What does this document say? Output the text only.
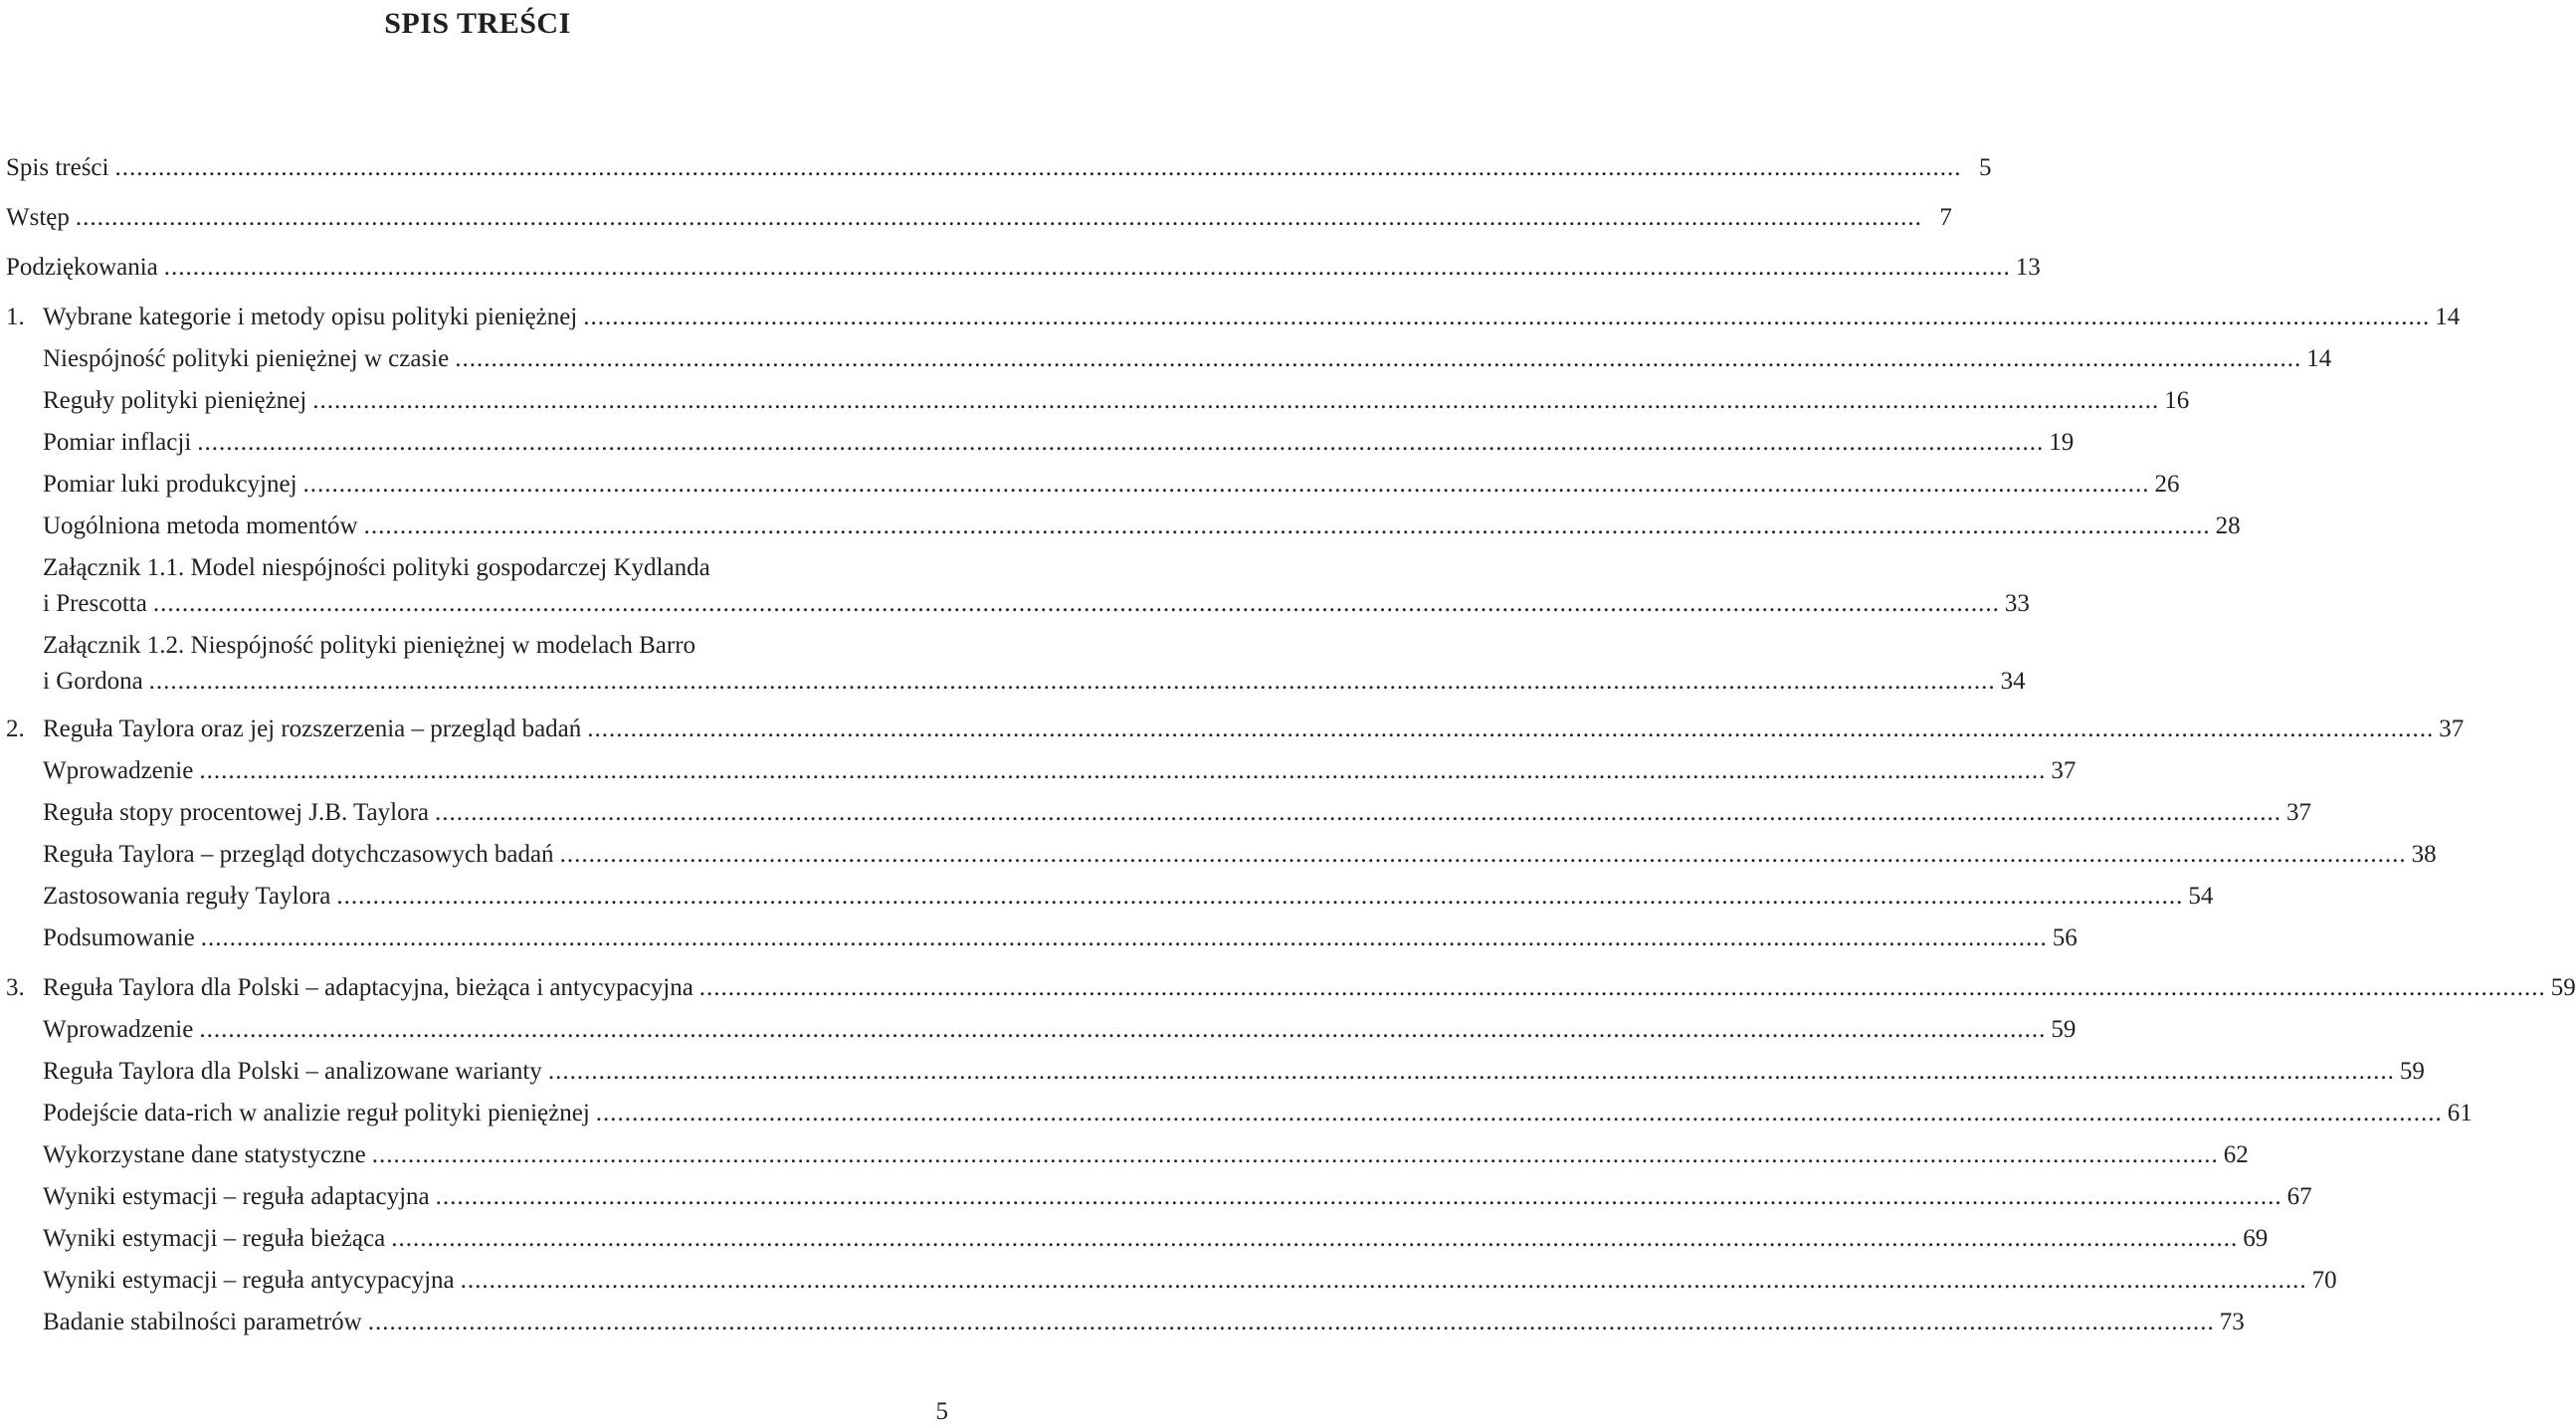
SPIS TREŚCI
Spis treści .....	5
Wstęp .....	7
Podziękowania .....	13
1. Wybrane kategorie i metody opisu polityki pieniężnej .....	14
Niespójność polityki pieniężnej w czasie .....	14
Reguły polityki pieniężnej .....	16
Pomiar inflacji .....	19
Pomiar luki produkcyjnej .....	26
Uogólniona metoda momentów .....	28
Załącznik 1.1. Model niespójności polityki gospodarczej Kydlanda
i Prescotta .....	33
Załącznik 1.2. Niespójność polityki pieniężnej w modelach Barro
i Gordona .....	34
2. Reguła Taylora oraz jej rozszerzenia – przegląd badań .....	37
Wprowadzenie .....	37
Reguła stopy procentowej J.B. Taylora .....	37
Reguła Taylora – przegląd dotychczasowych badań .....	38
Zastosowania reguły Taylora .....	54
Podsumowanie .....	56
3. Reguła Taylora dla Polski – adaptacyjna, bieżąca i antycypacyjna .....	59
Wprowadzenie .....	59
Reguła Taylora dla Polski – analizowane warianty .....	59
Podejście data-rich w analizie reguł polityki pieniężnej .....	61
Wykorzystane dane statystyczne .....	62
Wyniki estymacji – reguła adaptacyjna .....	67
Wyniki estymacji – reguła bieżąca .....	69
Wyniki estymacji – reguła antycypacyjna .....	70
Badanie stabilności parametrów .....	73
5
